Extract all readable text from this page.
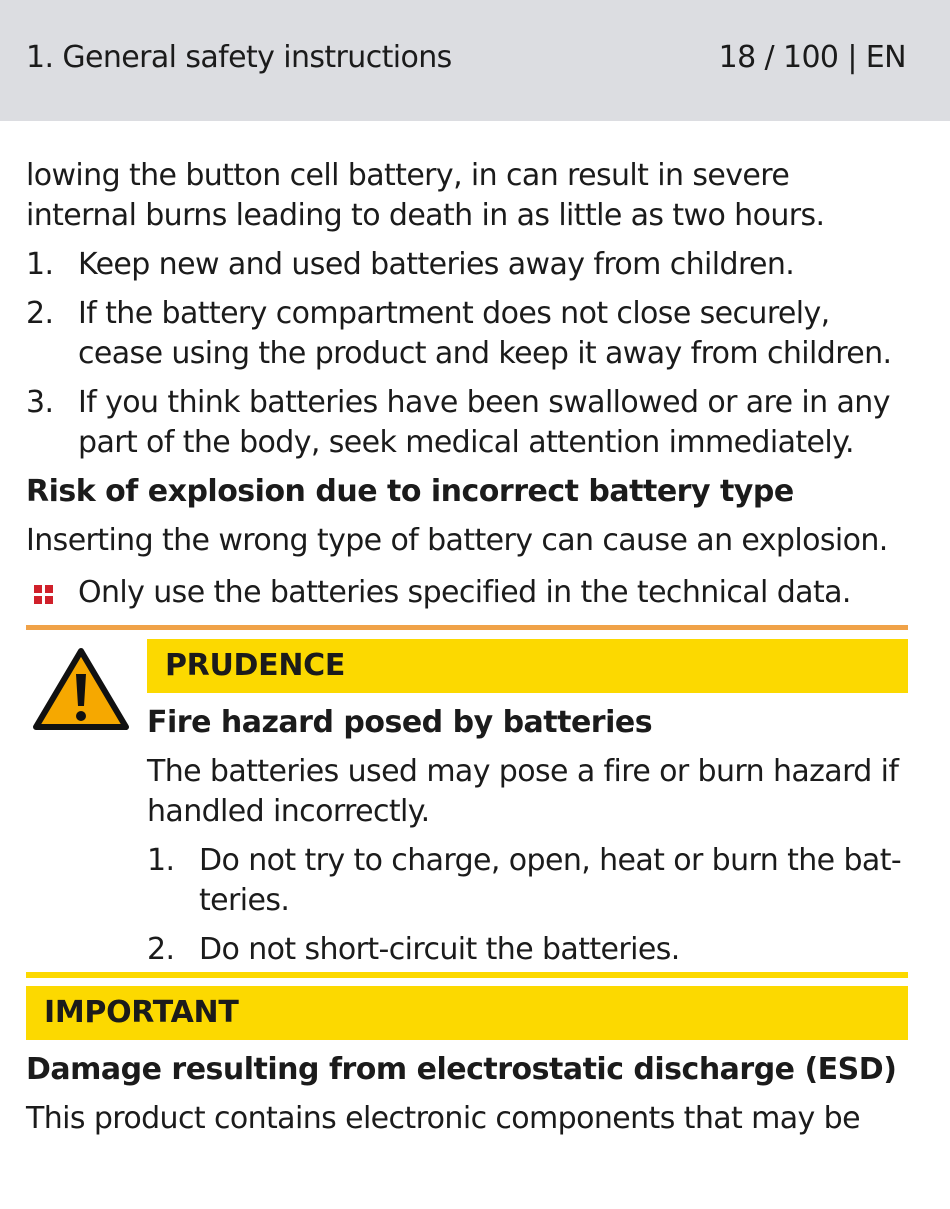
1. General safety instructions	18 / 100 | EN

lowing the button cell battery, in can result in severe internal burns leading to death in as little as two hours.

1. Keep new and used batteries away from children.
2. If the battery compartment does not close securely, cease using the product and keep it away from children.
3. If you think batteries have been swallowed or are in any part of the body, seek medical attention immediately.

Risk of explosion due to incorrect battery type

Inserting the wrong type of battery can cause an explosion.

Only use the batteries specified in the technical data.
PRUDENCE

Fire hazard posed by batteries

The batteries used may pose a fire or burn hazard if handled incorrectly.

1. Do not try to charge, open, heat or burn the bat-teries.
2. Do not short-circuit the batteries.
IMPORTANT

Damage resulting from electrostatic discharge (ESD)

This product contains electronic components that may be
